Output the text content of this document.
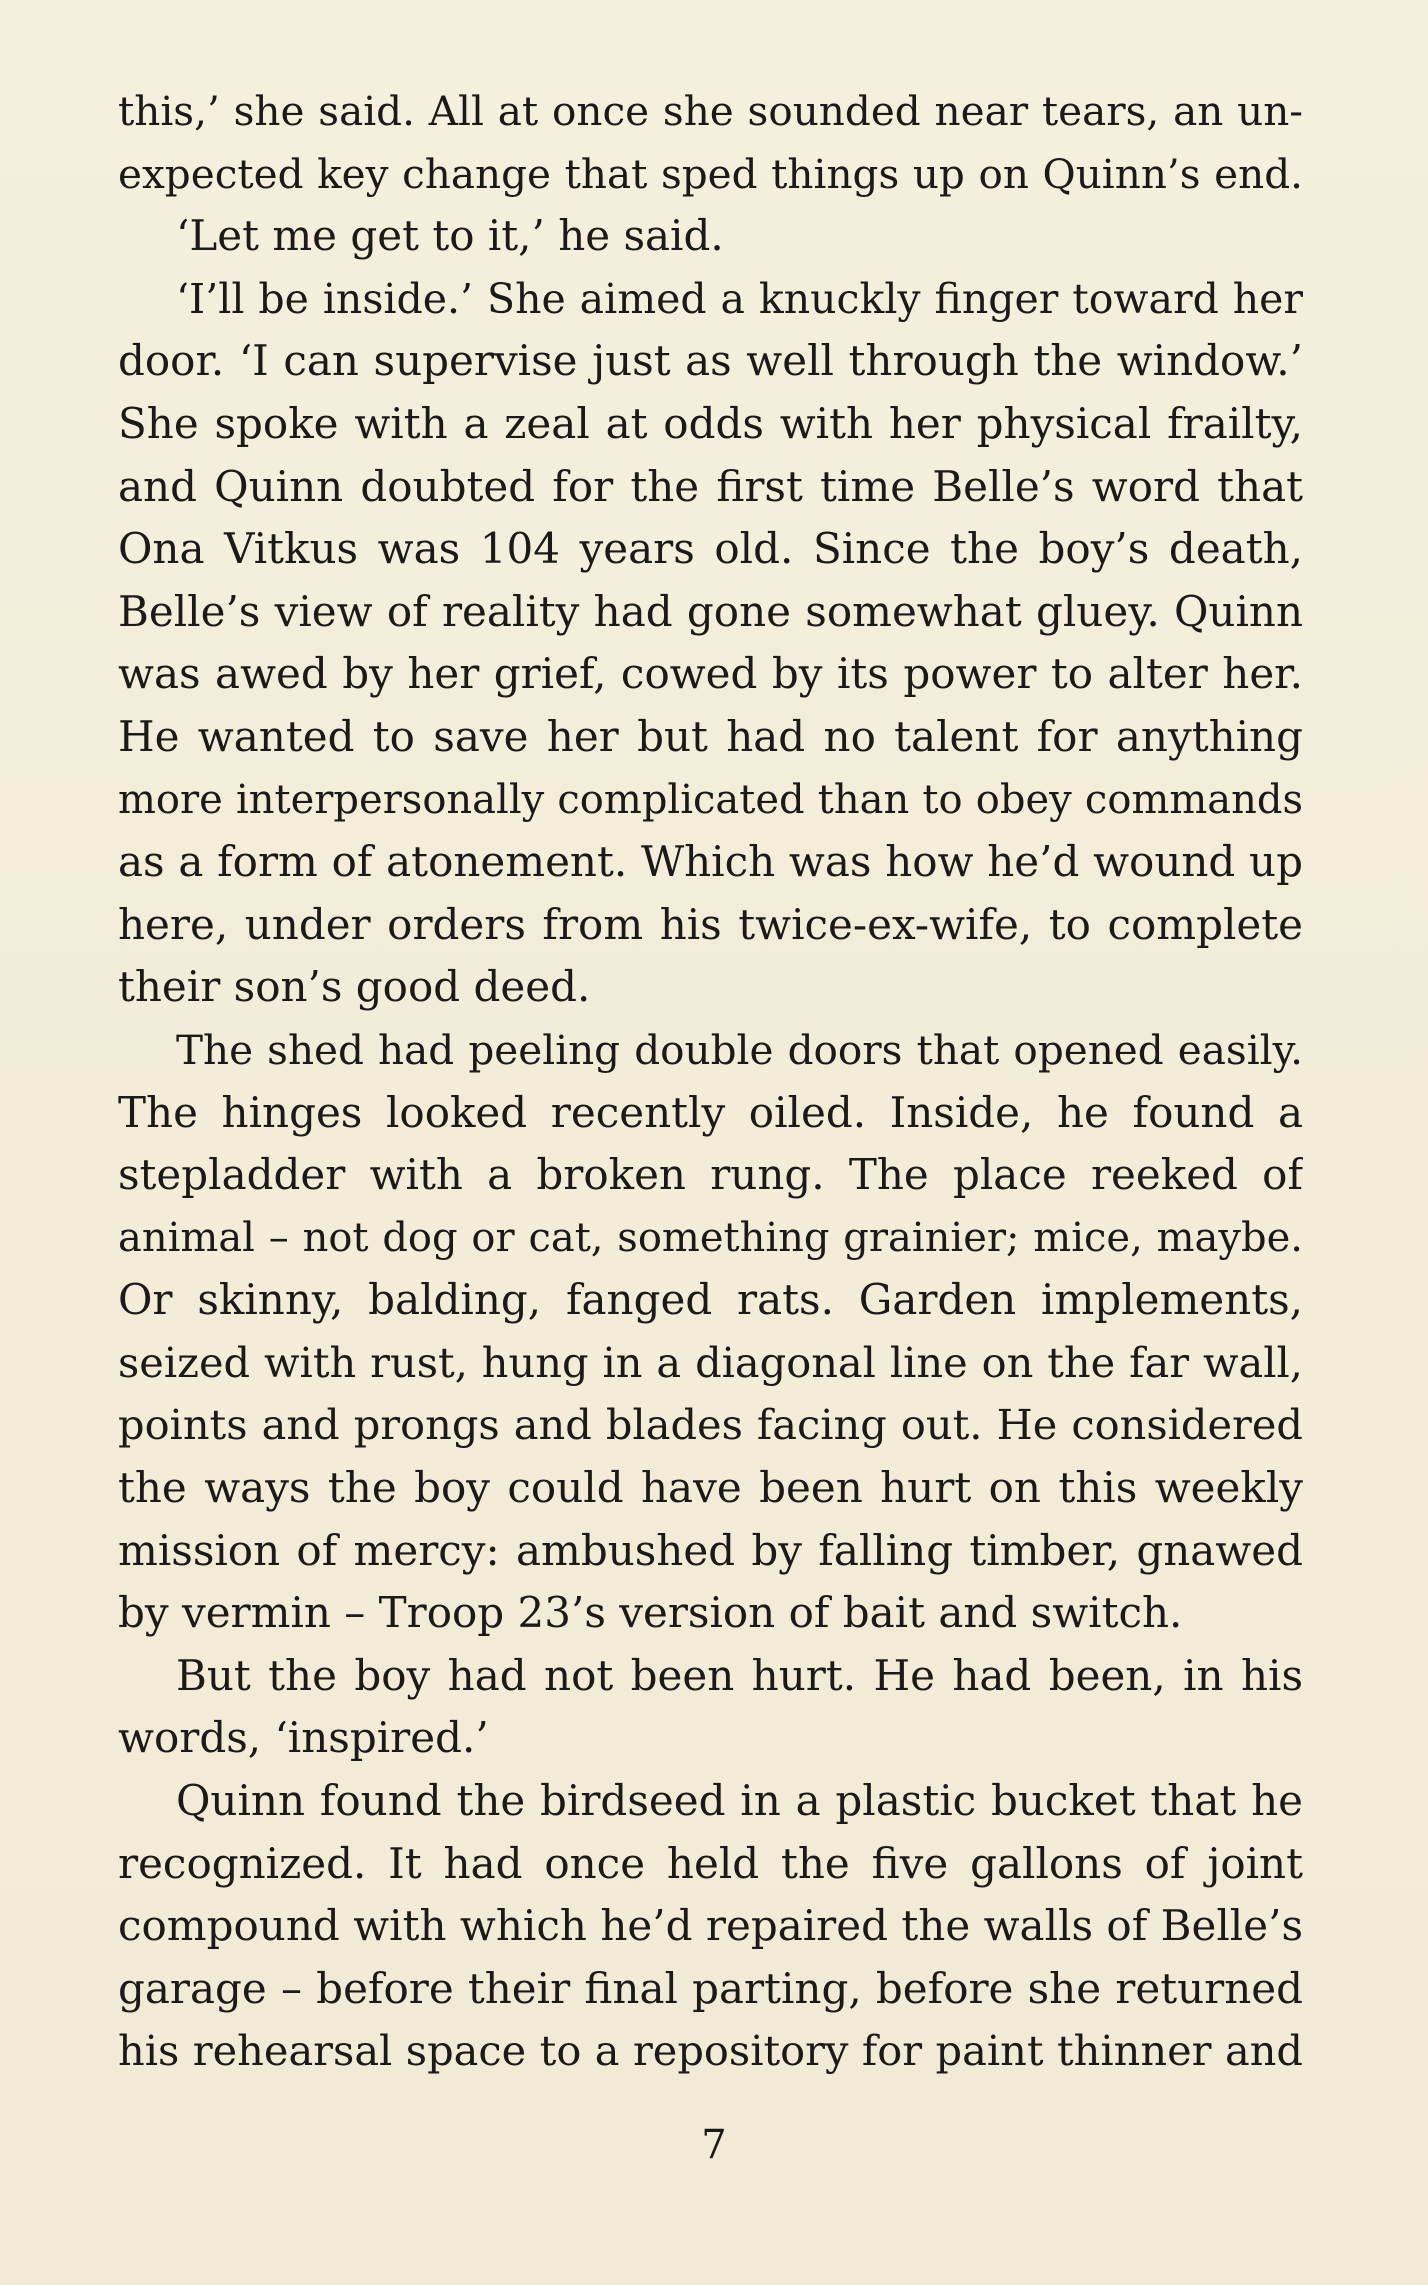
this,’ she said. All at once she sounded near tears, an un-
expected key change that sped things up on Quinn’s end.
‘Let me get to it,’ he said.
‘I’ll be inside.’ She aimed a knuckly finger toward her
door. ‘I can supervise just as well through the window.’
She spoke with a zeal at odds with her physical frailty,
and Quinn doubted for the first time Belle’s word that
Ona Vitkus was 104 years old. Since the boy’s death,
Belle’s view of reality had gone somewhat gluey. Quinn
was awed by her grief, cowed by its power to alter her.
He wanted to save her but had no talent for anything
more interpersonally complicated than to obey commands
as a form of atonement. Which was how he’d wound up
here, under orders from his twice-ex-wife, to complete
their son’s good deed.
The shed had peeling double doors that opened easily.
The hinges looked recently oiled. Inside, he found a
stepladder with a broken rung. The place reeked of
animal – not dog or cat, something grainier; mice, maybe.
Or skinny, balding, fanged rats. Garden implements,
seized with rust, hung in a diagonal line on the far wall,
points and prongs and blades facing out. He considered
the ways the boy could have been hurt on this weekly
mission of mercy: ambushed by falling timber, gnawed
by vermin – Troop 23’s version of bait and switch.
But the boy had not been hurt. He had been, in his
words, ‘inspired.’
Quinn found the birdseed in a plastic bucket that he
recognized. It had once held the five gallons of joint
compound with which he’d repaired the walls of Belle’s
garage – before their final parting, before she returned
his rehearsal space to a repository for paint thinner and
7
